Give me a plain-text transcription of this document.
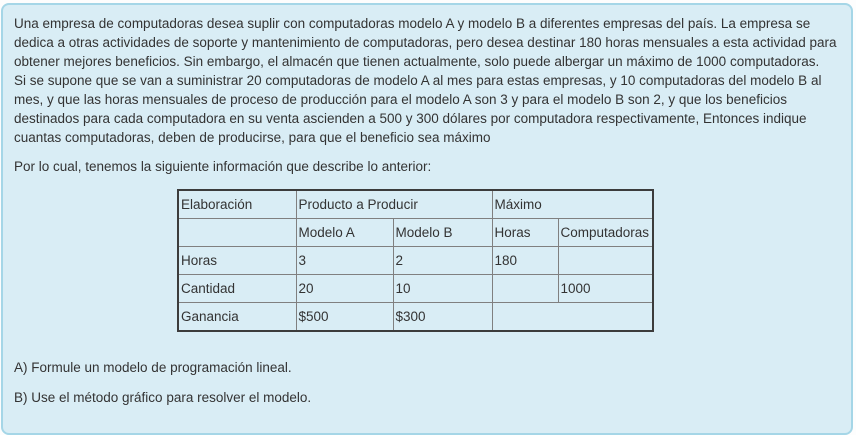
Una empresa de computadoras desea suplir con computadoras modelo A y modelo B a diferentes empresas del país. La empresa se dedica a otras actividades de soporte y mantenimiento de computadoras, pero desea destinar 180 horas mensuales a esta actividad para obtener mejores beneficios. Sin embargo, el almacén que tienen actualmente, solo puede albergar un máximo de 1000 computadoras.  Si se supone que se van a suministrar 20 computadoras de modelo A al mes para estas empresas, y 10 computadoras del modelo B al mes, y que las horas mensuales de proceso de producción para el modelo A son 3 y para el modelo B son 2, y que los beneficios destinados para cada computadora en su venta ascienden a 500 y 300 dólares por computadora respectivamente, Entonces indique cuantas computadoras, deben de producirse, para que el beneficio sea máximo

Por lo cual, tenemos la siguiente información que describe lo anterior:

Elaboración	Producto a Producir		Máximo	
	Modelo A	Modelo B	Horas	Computadoras
Horas	3	2	180	
Cantidad	20	10		1000
Ganancia	$500	$300		

A) Formule un modelo de programación lineal.

B) Use el método gráfico para resolver el modelo.
